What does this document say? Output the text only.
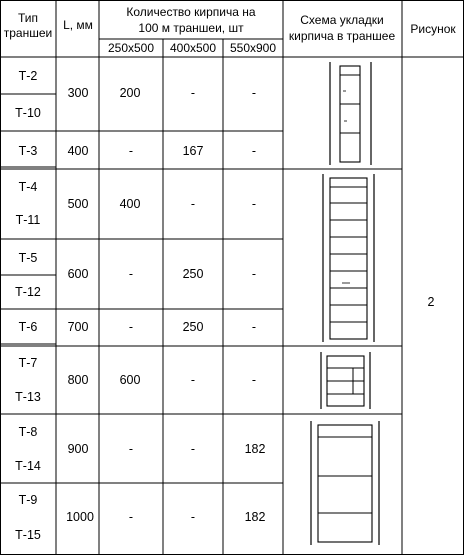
Тип
траншеи
L, мм
Количество кирпича на
100 м траншеи, шт
250х500 400х500 550х900
Схема укладки
кирпича в траншее Рисунок
Т-2
Т-10
Т-3
Т-4
Т-11
Т-5
Т-12
Т-6
Т-7
Т-13
Т-8
Т-14
Т-9
Т-15
300
400
500
600
700
800
900
1000
200
-
400
-
-
600
-
-
-
167
-
250
250
-
-
-
-
-
-
-
-
-
182
182
2
